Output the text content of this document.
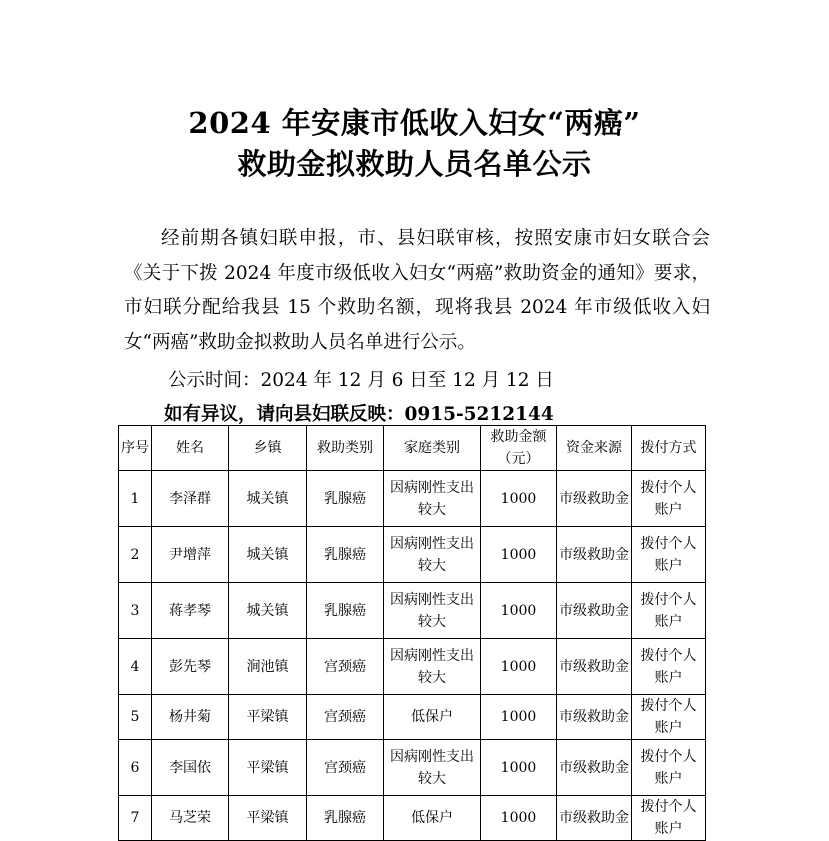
2024 年安康市低收入妇女“两癌”
救助金拟救助人员名单公示
经前期各镇妇联申报，市、县妇联审核，按照安康市妇女联合会《关于下拨 2024 年度市级低收入妇女“两癌”救助资金的通知》要求，市妇联分配给我县 15 个救助名额，现将我县 2024 年市级低收入妇女“两癌”救助金拟救助人员名单进行公示。
公示时间：2024 年 12 月 6 日至 12 月 12 日
如有异议，请向县妇联反映：0915-5212144
序号	姓名	乡镇	救助类别	家庭类别	救助金额（元）	资金来源	拨付方式
1	李泽群	城关镇	乳腺癌	因病刚性支出较大	1000	市级救助金	拨付个人账户
2	尹增萍	城关镇	乳腺癌	因病刚性支出较大	1000	市级救助金	拨付个人账户
3	蒋孝琴	城关镇	乳腺癌	因病刚性支出较大	1000	市级救助金	拨付个人账户
4	彭先琴	涧池镇	宫颈癌	因病刚性支出较大	1000	市级救助金	拨付个人账户
5	杨井菊	平梁镇	宫颈癌	低保户	1000	市级救助金	拨付个人账户
6	李国依	平梁镇	宫颈癌	因病刚性支出较大	1000	市级救助金	拨付个人账户
7	马芝荣	平梁镇	乳腺癌	低保户	1000	市级救助金	拨付个人账户
